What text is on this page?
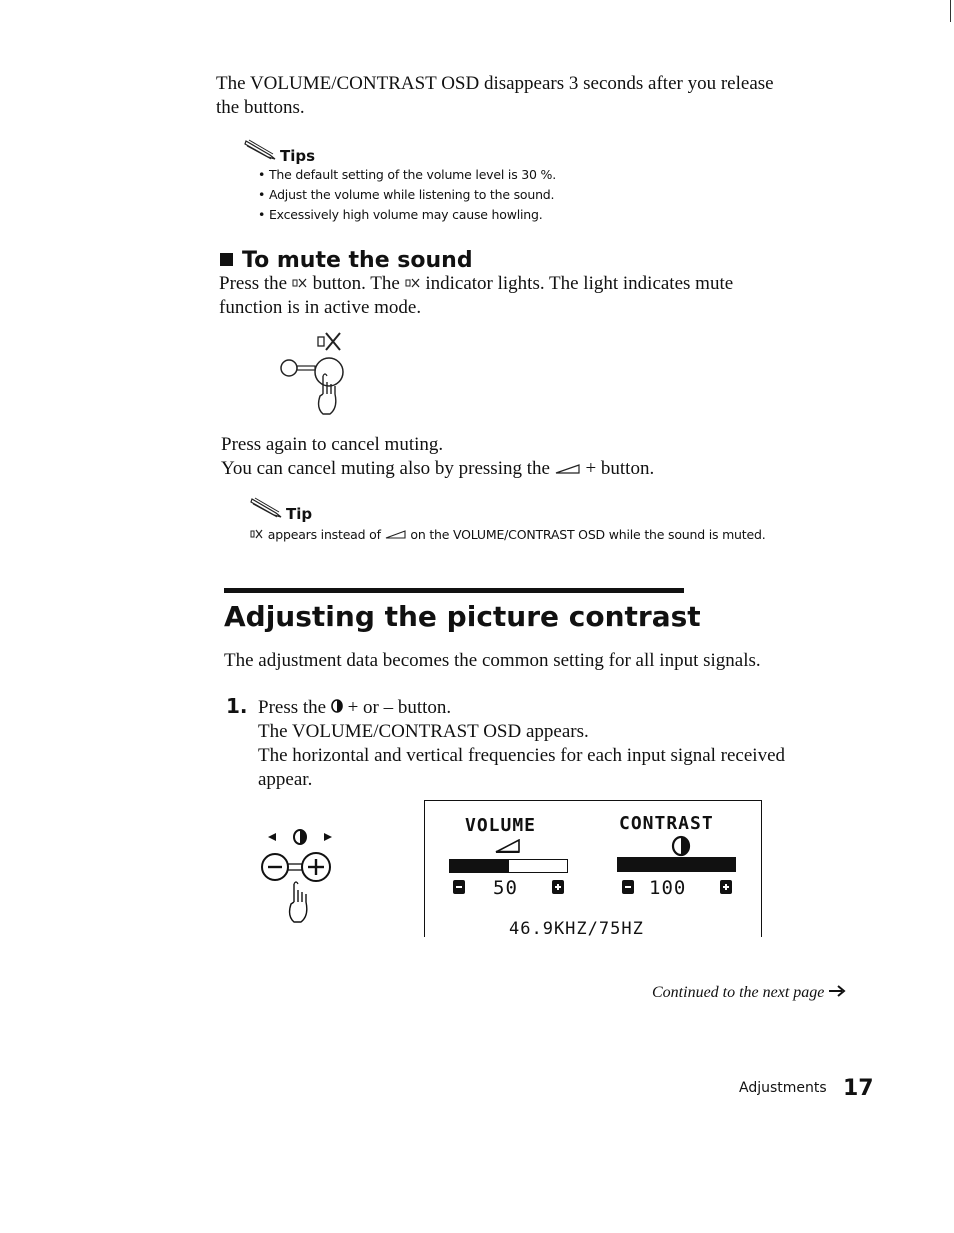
The VOLUME/CONTRAST OSD disappears 3 seconds after you release
the buttons.
Tips
• The default setting of the volume level is 30 %.
• Adjust the volume while listening to the sound.
• Excessively high volume may cause howling.
To mute the sound
Press the button. The indicator lights. The light indicates mute
function is in active mode.
Press again to cancel muting.
You can cancel muting also by pressing the + button.
Tip
appears instead of on the VOLUME/CONTRAST OSD while the sound is muted.
Adjusting the picture contrast
The adjustment data becomes the common setting for all input signals.
1. Press the + or – button.
The VOLUME/CONTRAST OSD appears.
The horizontal and vertical frequencies for each input signal received
appear.
VOLUME	CONTRAST
50	100
46.9KHZ/75HZ
Continued to the next page
Adjustments 17
